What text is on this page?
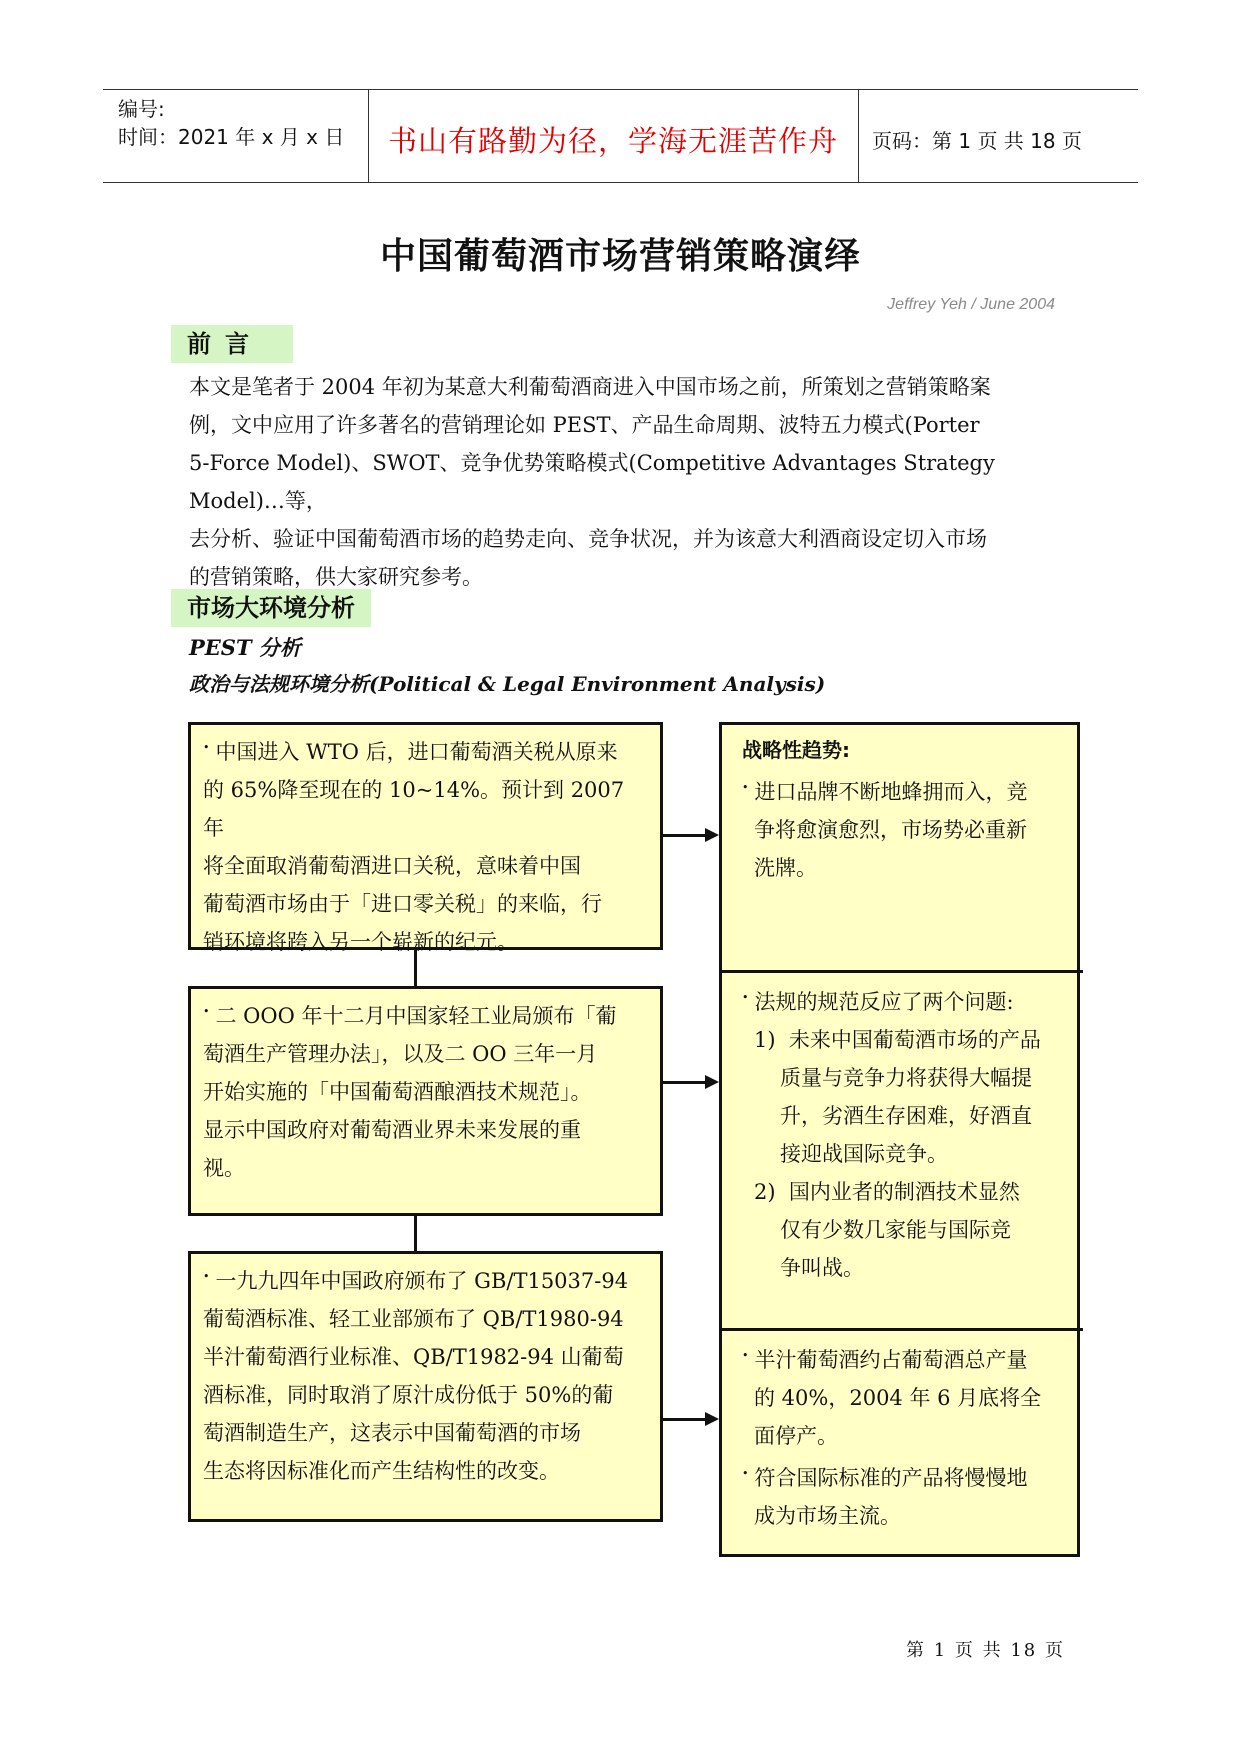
编号:
时间：2021 年 x 月 x 日	书山有路勤为径，学海无涯苦作舟	页码：第 1 页 共 18 页
中国葡萄酒市场营销策略演绎
Jeffrey Yeh / June 2004
前言
本文是笔者于 2004 年初为某意大利葡萄酒商进入中国市场之前，所策划之营销策略案
例，文中应用了许多著名的营销理论如 PEST、产品生命周期、波特五力模式(Porter
5-Force Model)、SWOT、竞争优势策略模式(Competitive Advantages Strategy Model)…等，
去分析、验证中国葡萄酒市场的趋势走向、竞争状况，并为该意大利酒商设定切入市场
的营销策略，供大家研究参考。
市场大环境分析
PEST 分析
政治与法规环境分析(Political & Legal Environment Analysis)
• 中国进入 WTO 后，进口葡萄酒关税从原来
的 65%降至现在的 10~14%。预计到 2007 年
将全面取消葡萄酒进口关税，意味着中国
葡萄酒市场由于「进口零关税」的来临，行
销环境将跨入另一个崭新的纪元。
• 二 OOO 年十二月中国家轻工业局颁布「葡
萄酒生产管理办法」，以及二 OO 三年一月
开始实施的「中国葡萄酒酿酒技术规范」。
显示中国政府对葡萄酒业界未来发展的重
视。
• 一九九四年中国政府颁布了 GB/T15037-94
葡萄酒标准、轻工业部颁布了 QB/T1980-94
半汁葡萄酒行业标准、QB/T1982-94 山葡萄
酒标准，同时取消了原汁成份低于 50%的葡
萄酒制造生产，这表示中国葡萄酒的市场
生态将因标准化而产生结构性的改变。
战略性趋势:
• 进口品牌不断地蜂拥而入，竞
争将愈演愈烈，市场势必重新
洗牌。
• 法规的规范反应了两个问题:
1) 未来中国葡萄酒市场的产品
质量与竞争力将获得大幅提
升，劣酒生存困难，好酒直
接迎战国际竞争。
2) 国内业者的制酒技术显然
仅有少数几家能与国际竞
争叫战。
• 半汁葡萄酒约占葡萄酒总产量
的 40%，2004 年 6 月底将全
面停产。
• 符合国际标准的产品将慢慢地
成为市场主流。
第 1 页 共 18 页
